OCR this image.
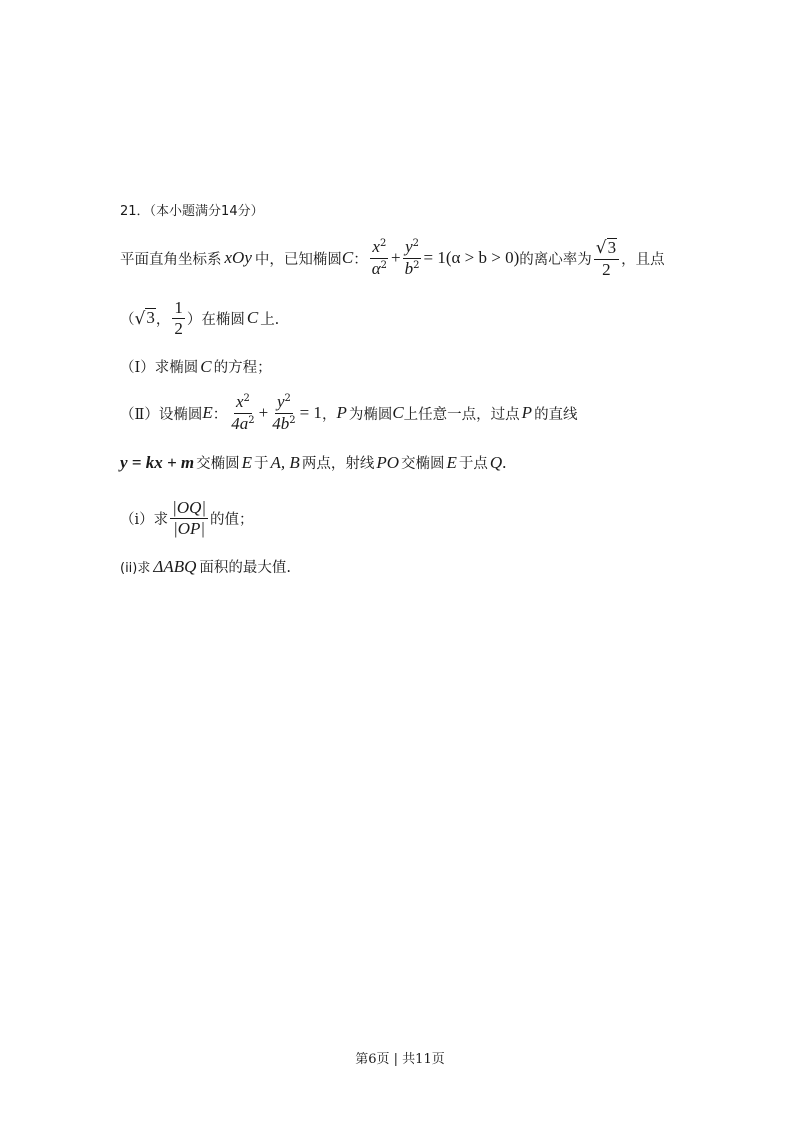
21．（本小题满分14分）
平面直角坐标系 xOy 中，已知椭圆 C ： $\frac{x^2}{\alpha^2} + \frac{y^2}{b^2} = 1(\alpha > b > 0)$ 的离心率为 $\frac{√ 3}{2}$ ，且点
（ √ 3 ， $\frac{1}{2}$ ） 在椭圆 C 上.
（Ⅰ）求椭圆 C 的方程；
（Ⅱ）设椭圆 E ： $\frac{x^2}{4a^2} + \frac{y^2}{4b^2} = 1$ ， P 为椭圆 C 上任意一点，过点 P 的直线
y = kx + m 交椭圆 E 于 A, B 两点，射线 PO 交椭圆 E 于点 Q .
（i）求 $\frac{|OQ|}{|OP|}$ 的值；
(ii)求 ΔABQ 面积的最大值.
第6页 | 共11页
